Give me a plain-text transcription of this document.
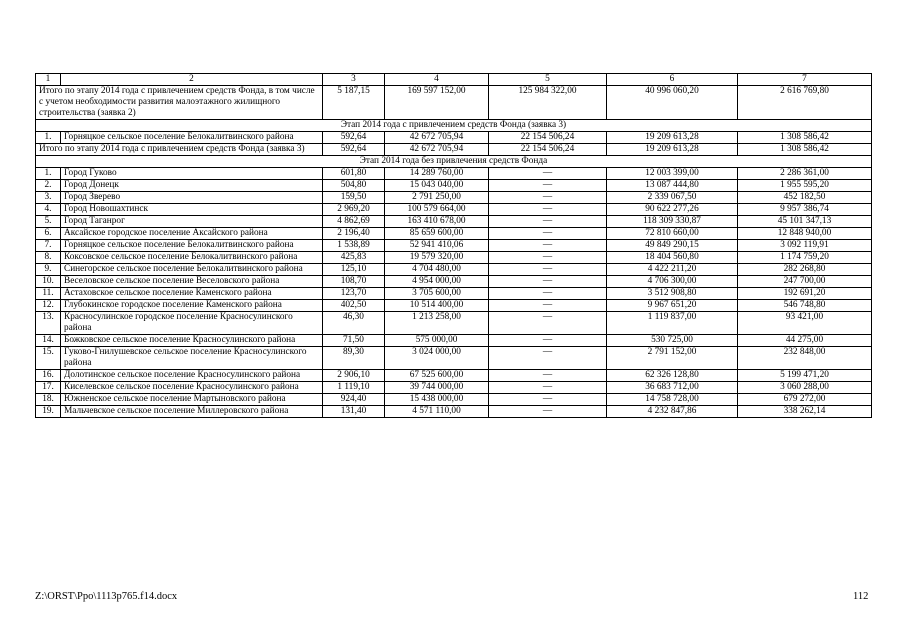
1	2	3	4	5	6	7
Итого по этапу 2014 года с привлечением средств Фонда, в том числе с учетом необходимости развития малоэтажного жилищного строительства (заявка 2)		5 187,15	169 597 152,00	125 984 322,00	40 996 060,20	2 616 769,80
Этап 2014 года с привлечением средств Фонда (заявка 3)						
1.	Горняцкое сельское поселение Белокалитвинского района	592,64	42 672 705,94	22 154 506,24	19 209 613,28	1 308 586,42
Итого по этапу 2014 года с привлечением средств Фонда (заявка 3)		592,64	42 672 705,94	22 154 506,24	19 209 613,28	1 308 586,42
Этап 2014 года без привлечения средств Фонда						
1.	Город Гуково	601,80	14 289 760,00	—	12 003 399,00	2 286 361,00
2.	Город Донецк	504,80	15 043 040,00	—	13 087 444,80	1 955 595,20
3.	Город Зверево	159,50	2 791 250,00	—	2 339 067,50	452 182,50
4.	Город Новошахтинск	2 969,20	100 579 664,00	—	90 622 277,26	9 957 386,74
5.	Город Таганрог	4 862,69	163 410 678,00	—	118 309 330,87	45 101 347,13
6.	Аксайское городское поселение Аксайского района	2 196,40	85 659 600,00	—	72 810 660,00	12 848 940,00
7.	Горняцкое сельское поселение Белокалитвинского района	1 538,89	52 941 410,06	—	49 849 290,15	3 092 119,91
8.	Коксовское сельское поселение Белокалитвинского района	425,83	19 579 320,00	—	18 404 560,80	1 174 759,20
9.	Синегорское сельское поселение Белокалитвинского района	125,10	4 704 480,00	—	4 422 211,20	282 268,80
10.	Веселовское сельское поселение Веселовского района	108,70	4 954 000,00	—	4 706 300,00	247 700,00
11.	Астаховское сельское поселение Каменского района	123,70	3 705 600,00	—	3 512 908,80	192 691,20
12.	Глубокинское городское поселение Каменского района	402,50	10 514 400,00	—	9 967 651,20	546 748,80
13.	Красносулинское городское поселение Красносулинского района	46,30	1 213 258,00	—	1 119 837,00	93 421,00
14.	Божковское сельское поселение Красносулинского района	71,50	575 000,00	—	530 725,00	44 275,00
15.	Гуково-Гнилушевское сельское поселение Красносулинского района	89,30	3 024 000,00	—	2 791 152,00	232 848,00
16.	Долотинское сельское поселение Красносулинского района	2 906,10	67 525 600,00	—	62 326 128,80	5 199 471,20
17.	Киселевское сельское поселение Красносулинского района	1 119,10	39 744 000,00	—	36 683 712,00	3 060 288,00
18.	Южненское сельское поселение Мартыновского района	924,40	15 438 000,00	—	14 758 728,00	679 272,00
19.	Мальчевское сельское поселение Миллеровского района	131,40	4 571 110,00	—	4 232 847,86	338 262,14
Z:\ORST\Ppo\1113p765.f14.docx	112
